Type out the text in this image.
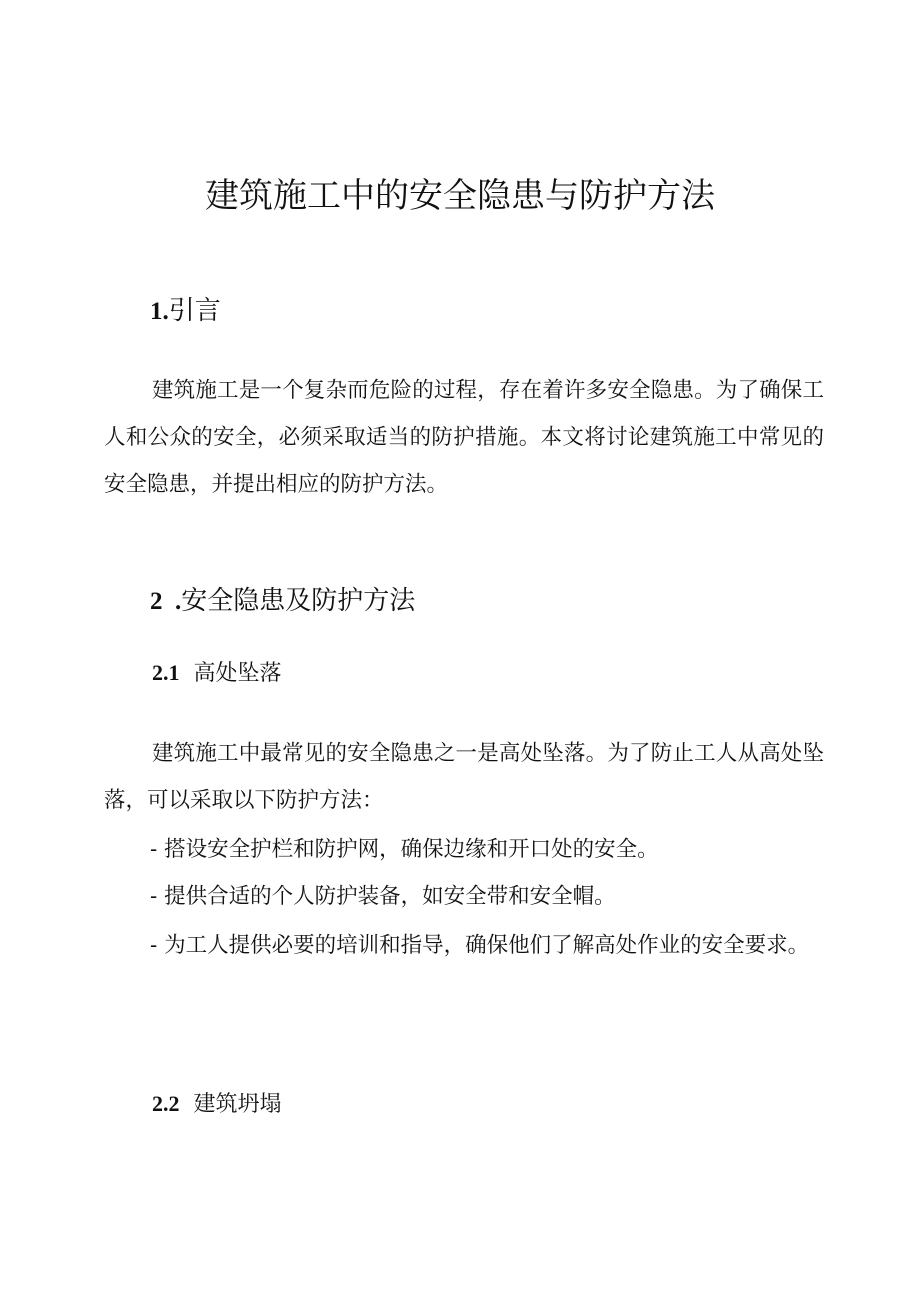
建筑施工中的安全隐患与防护方法
1.引言

建筑施工是一个复杂而危险的过程，存在着许多安全隐患。为了确保工人和公众的安全，必须采取适当的防护措施。本文将讨论建筑施工中常见的安全隐患，并提出相应的防护方法。

2  .安全隐患及防护方法
2.1 高处坠落

建筑施工中最常见的安全隐患之一是高处坠落。为了防止工人从高处坠落，可以采取以下防护方法：

- 搭设安全护栏和防护网，确保边缘和开口处的安全。

- 提供合适的个人防护装备，如安全带和安全帽。

- 为工人提供必要的培训和指导，确保他们了解高处作业的安全要求。

2.2 建筑坍塌
